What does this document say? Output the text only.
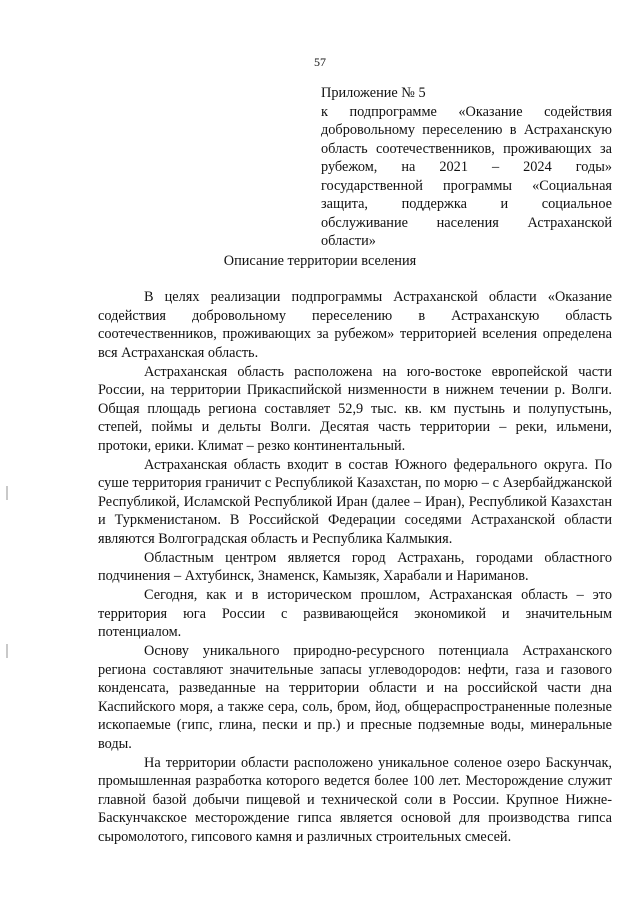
57

Приложение № 5

к подпрограмме «Оказание содействия добровольному переселению в Астраханскую область соотечественников, проживающих за рубежом, на 2021 – 2024 годы» государственной программы «Социальная защита, поддержка и социальное обслуживание населения Астраханской области»

Описание территории вселения

В целях реализации подпрограммы Астраханской области «Оказание содействия добровольному переселению в Астраханскую область соотечественников, проживающих за рубежом» территорией вселения определена вся Астраханская область.

Астраханская область расположена на юго-востоке европейской части России, на территории Прикаспийской низменности в нижнем течении р. Волги. Общая площадь региона составляет 52,9 тыс. кв. км пустынь и полупустынь, степей, поймы и дельты Волги. Десятая часть территории – реки, ильмени, протоки, ерики. Климат – резко континентальный.

Астраханская область входит в состав Южного федерального округа. По суше территория граничит с Республикой Казахстан, по морю – с Азербайджанской Республикой, Исламской Республикой Иран (далее – Иран), Республикой Казахстан и Туркменистаном. В Российской Федерации соседями Астраханской области являются Волгоградская область и Республика Калмыкия.

Областным центром является город Астрахань, городами областного подчинения – Ахтубинск, Знаменск, Камызяк, Харабали и Нариманов.

Сегодня, как и в историческом прошлом, Астраханская область – это территория юга России с развивающейся экономикой и значительным потенциалом.

Основу уникального природно-ресурсного потенциала Астраханского региона составляют значительные запасы углеводородов: нефти, газа и газового конденсата, разведанные на территории области и на российской части дна Каспийского моря, а также сера, соль, бром, йод, общераспространенные полезные ископаемые (гипс, глина, пески и пр.) и пресные подземные воды, минеральные воды.

На территории области расположено уникальное соленое озеро Баскунчак, промышленная разработка которого ведется более 100 лет. Месторождение служит главной базой добычи пищевой и технической соли в России. Крупное Нижне-Баскунчакское месторождение гипса является основой для производства гипса сыромолотого, гипсового камня и различных строительных смесей.
